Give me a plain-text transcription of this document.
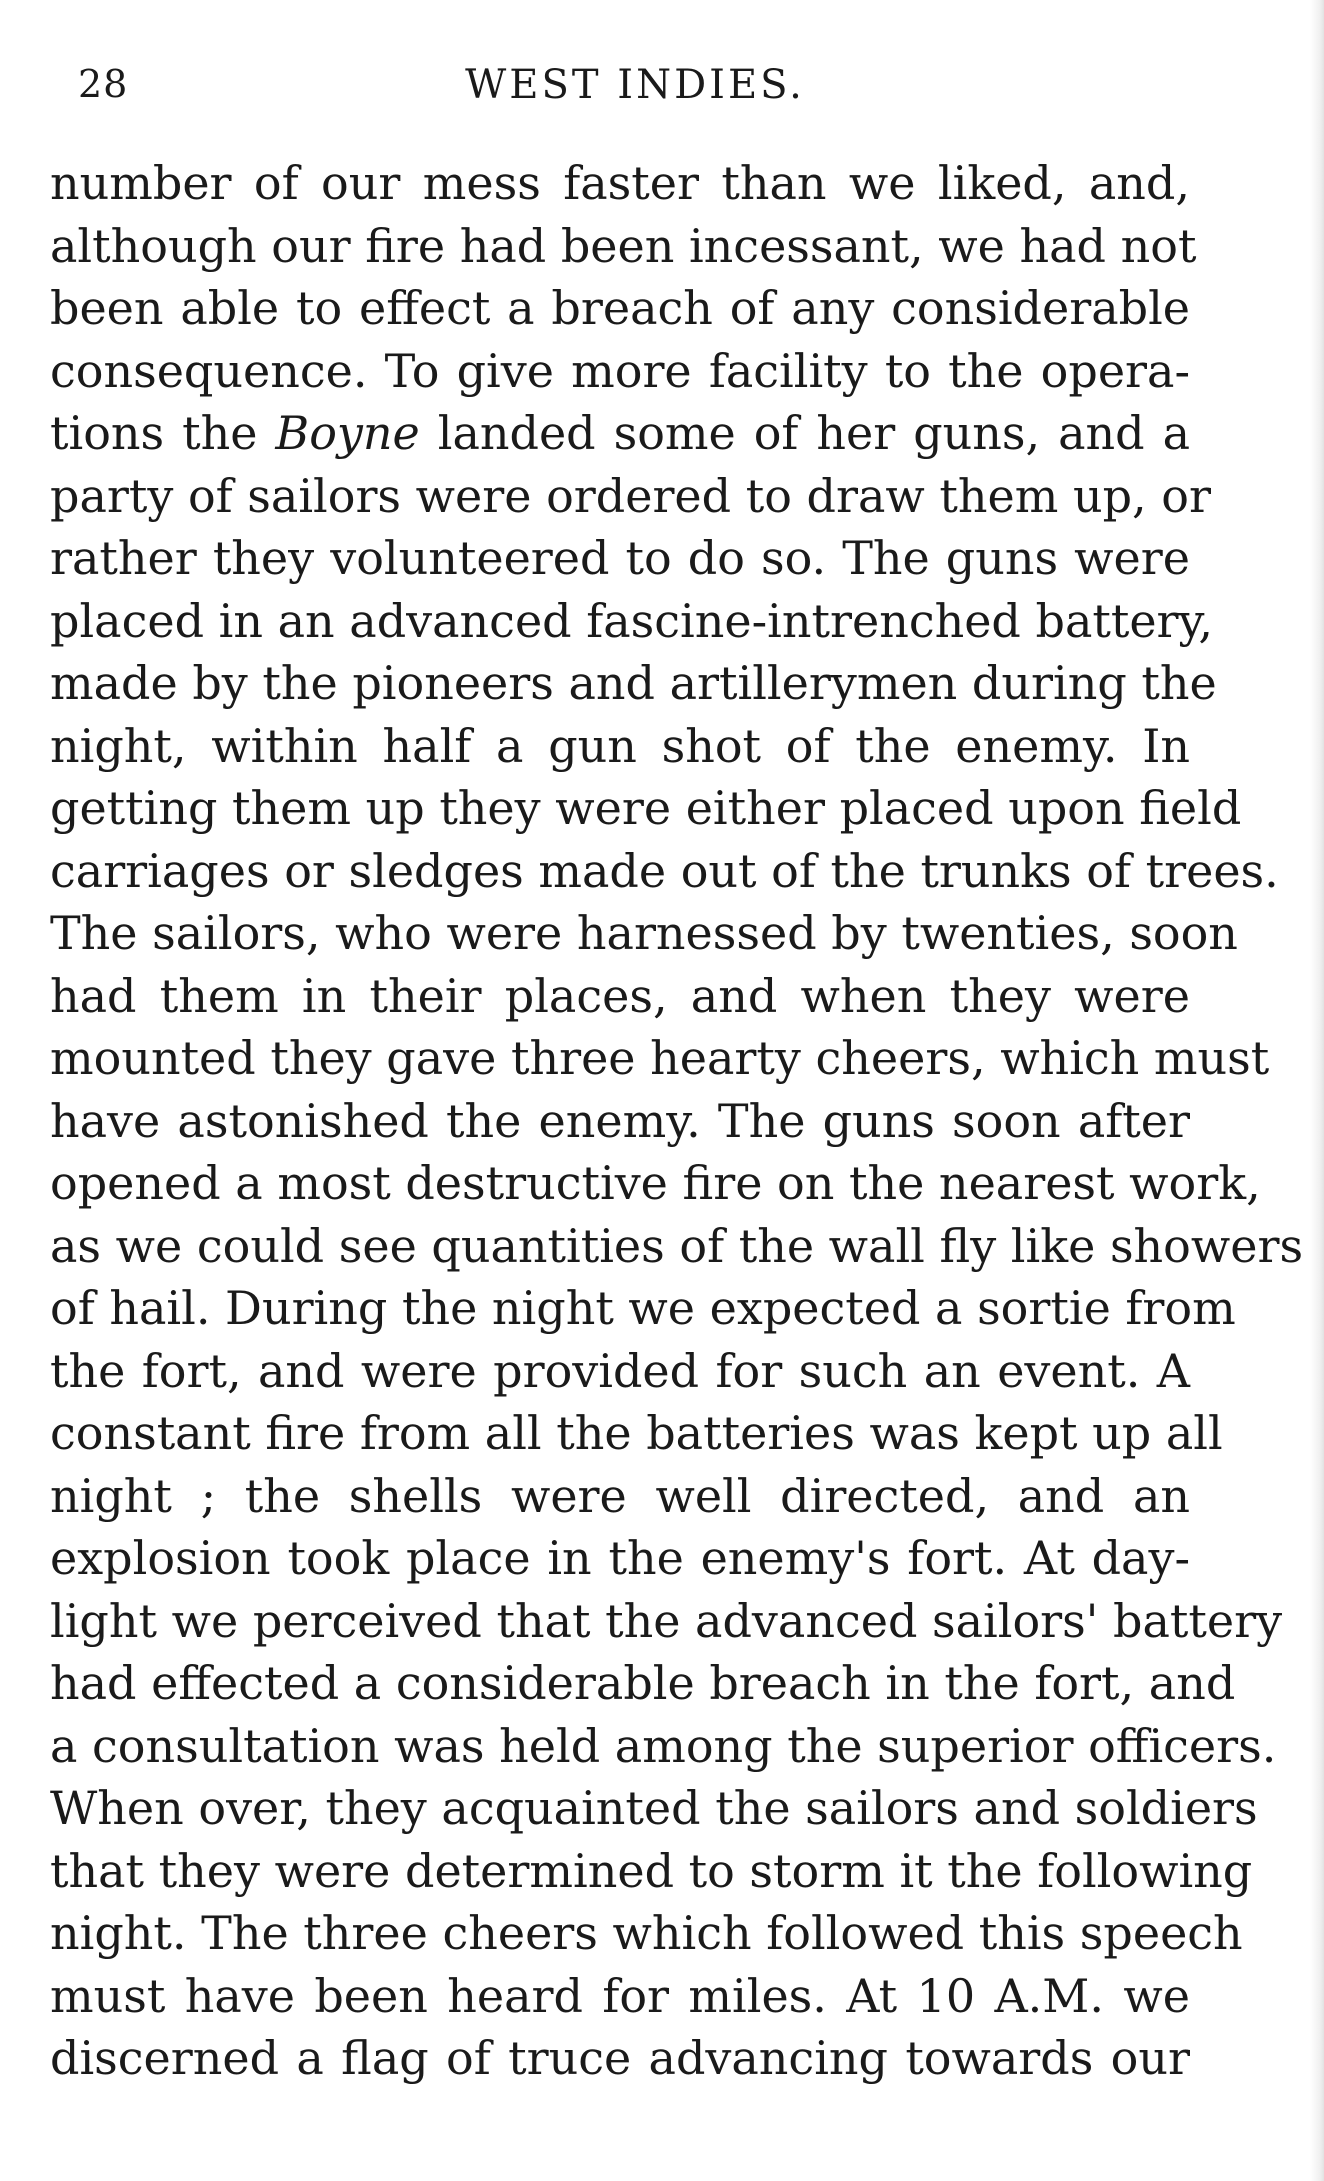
28	WEST INDIES.
number of our mess faster than we liked, and,
although our fire had been incessant, we had not
been able to effect a breach of any considerable
consequence. To give more facility to the opera-
tions the Boyne landed some of her guns, and a
party of sailors were ordered to draw them up, or
rather they volunteered to do so. The guns were
placed in an advanced fascine-intrenched battery,
made by the pioneers and artillerymen during the
night, within half a gun shot of the enemy. In
getting them up they were either placed upon field
carriages or sledges made out of the trunks of trees.
The sailors, who were harnessed by twenties, soon
had them in their places, and when they were
mounted they gave three hearty cheers, which must
have astonished the enemy. The guns soon after
opened a most destructive fire on the nearest work,
as we could see quantities of the wall fly like showers
of hail. During the night we expected a sortie from
the fort, and were provided for such an event. A
constant fire from all the batteries was kept up all
night ; the shells were well directed, and an
explosion took place in the enemy's fort. At day-
light we perceived that the advanced sailors' battery
had effected a considerable breach in the fort, and
a consultation was held among the superior officers.
When over, they acquainted the sailors and soldiers
that they were determined to storm it the following
night. The three cheers which followed this speech
must have been heard for miles. At 10 A.M. we
discerned a flag of truce advancing towards our
